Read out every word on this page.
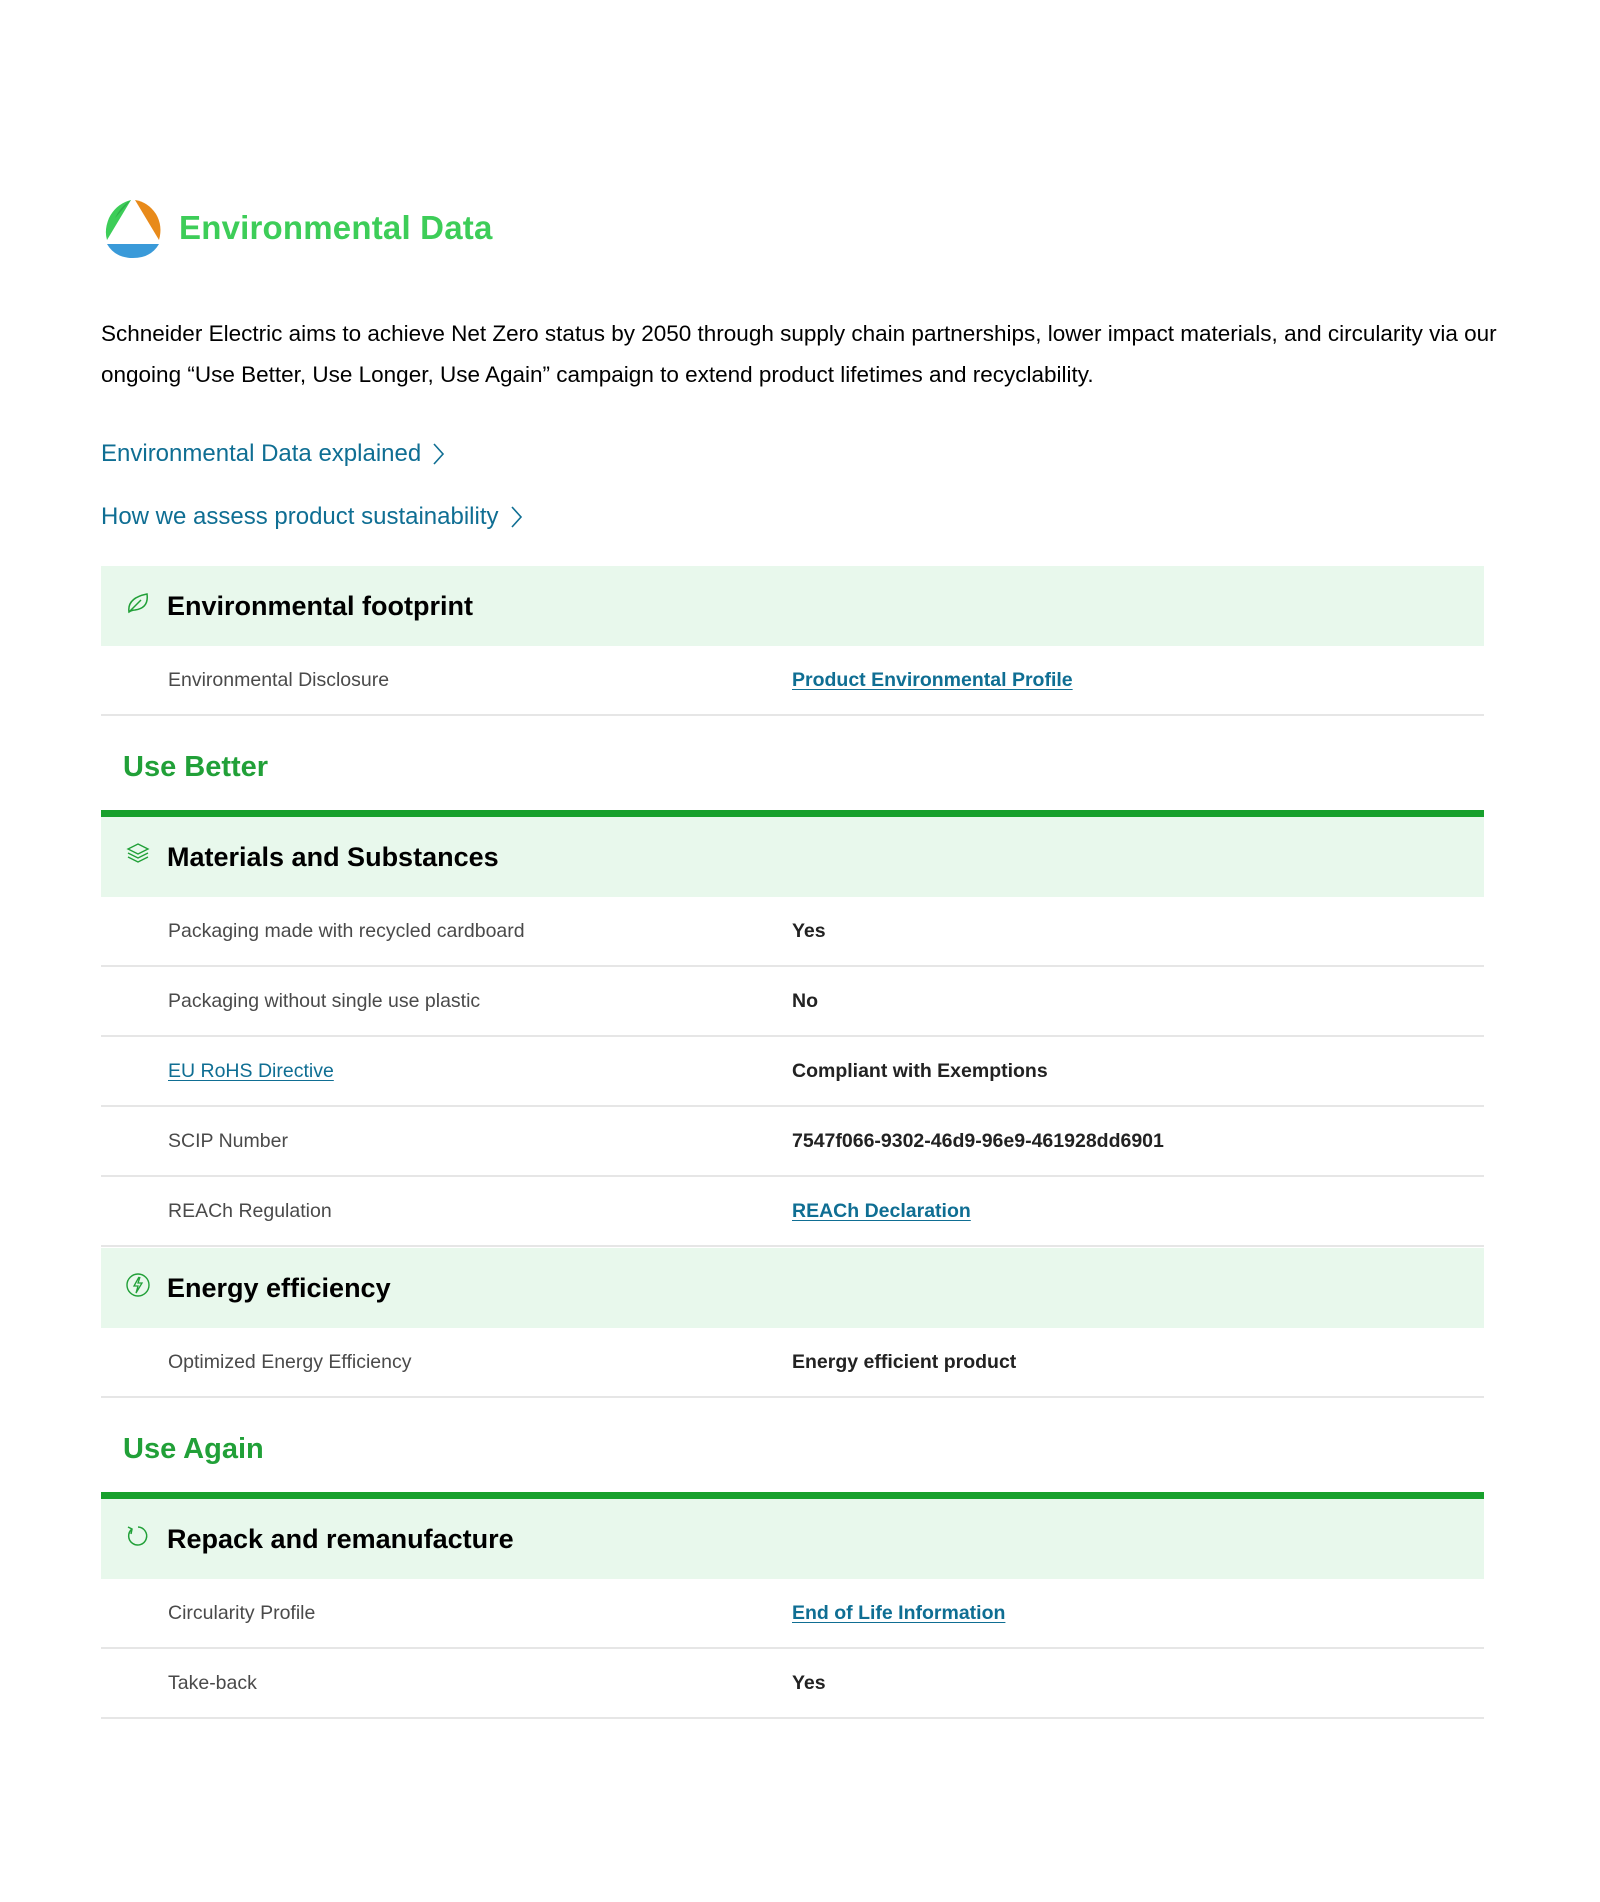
Environmental Data
Schneider Electric aims to achieve Net Zero status by 2050 through supply chain partnerships, lower impact materials, and circularity via our ongoing “Use Better, Use Longer, Use Again” campaign to extend product lifetimes and recyclability.
Environmental Data explained
How we assess product sustainability
Environmental footprint
Environmental Disclosure	Product Environmental Profile
Use Better
Materials and Substances
Packaging made with recycled cardboard	Yes
Packaging without single use plastic	No
EU RoHS Directive	Compliant with Exemptions
SCIP Number	7547f066-9302-46d9-96e9-461928dd6901
REACh Regulation	REACh Declaration
Energy efficiency
Optimized Energy Efficiency	Energy efficient product
Use Again
Repack and remanufacture
Circularity Profile	End of Life Information
Take-back	Yes
